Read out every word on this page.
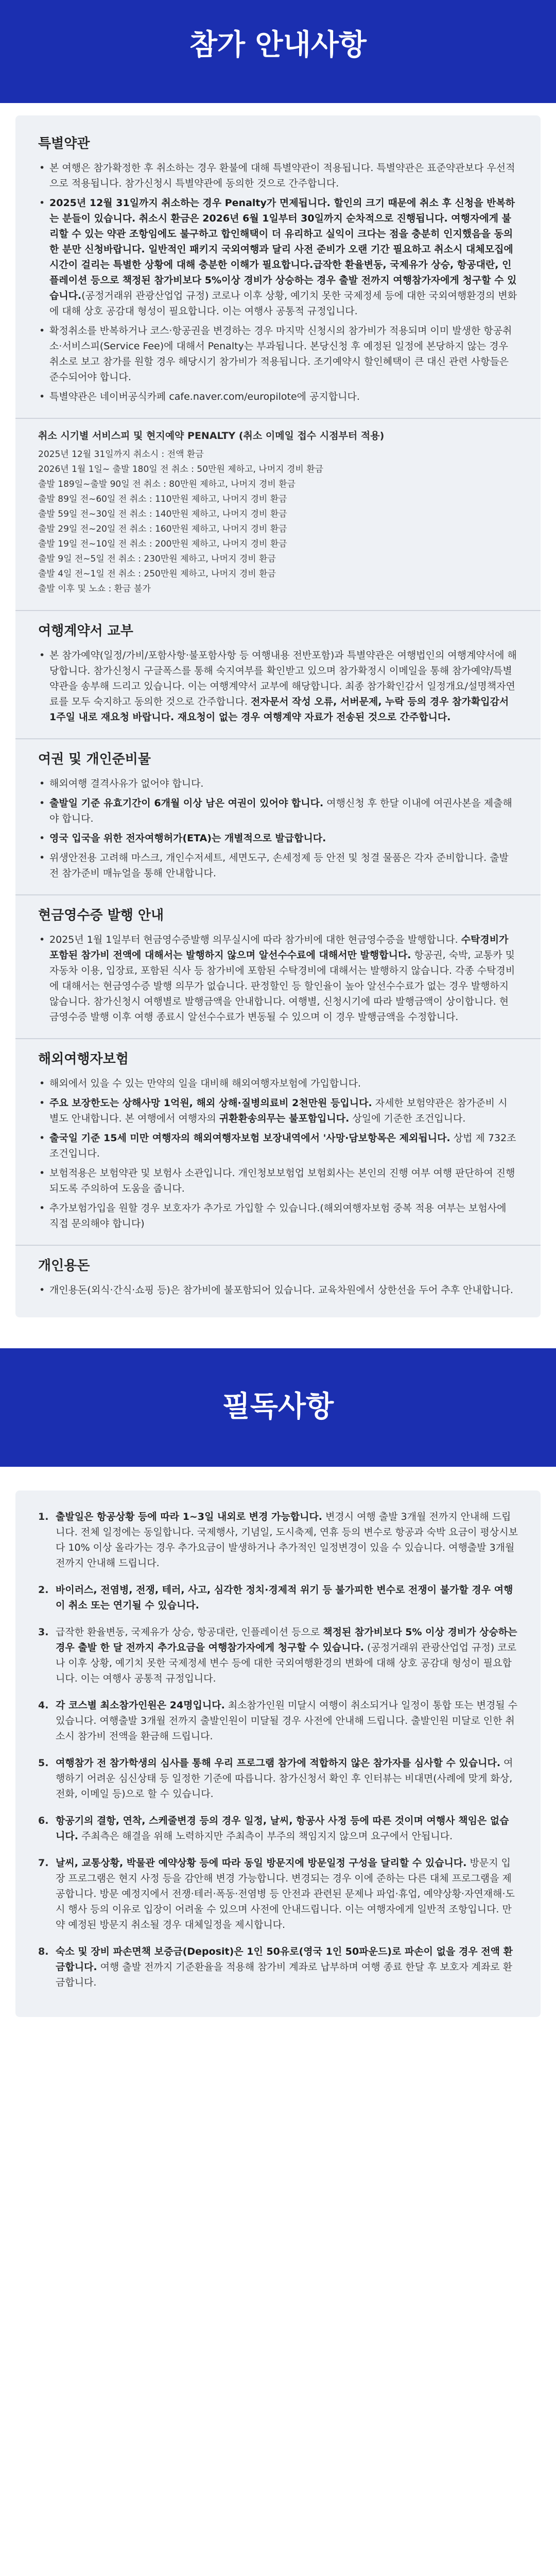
참가 안내사항
특별약관
• 본 여행은 참가확정한 후 취소하는 경우 환불에 대해 특별약관이 적용됩니다. 특별약관은 표준약관보다 우선적으로 적용됩니다. 참가신청시 특별약관에 동의한 것으로 간주합니다.
• 2025년 12월 31일까지 취소하는 경우 Penalty가 면제됩니다. 할인의 크기 때문에 취소 후 신청을 반복하는 분들이 있습니다. 취소시 환금은 2026년 6월 1일부터 30일까지 순차적으로 진행됩니다. 여행자에게 불리할 수 있는 약관 조항임에도 불구하고 합인해택이 더 유리하고 실익이 크다는 점을 충분히 인지했음을 동의한 분만 신청바랍니다. 일반적인 패키지 국외여행과 달리 사전 준비가 오랜 기간 필요하고 취소시 대체모집에 시간이 걸리는 특별한 상황에 대해 충분한 이해가 필요합니다.급작한 환율변동, 국제유가 상승, 항공대란, 인플레이션 등으로 책정된 참가비보다 5%이상 경비가 상승하는 경우 출발 전까지 여행참가자에게 청구할 수 있습니다.(공정거래위 관광산업업 규정) 코로나 이후 상황, 예기치 못한 국제정세 등에 대한 국외여행환경의 변화에 대해 상호 공감대 형성이 필요합니다. 이는 여행사 공통적 규정입니다.
• 확정취소를 반복하거나 코스·항공권을 변경하는 경우 마지막 신청시의 참가비가 적용되며 이미 발생한 항공취소·서비스피(Service Fee)에 대해서 Penalty는 부과됩니다. 본당신청 후 예정된 일정에 본당하지 않는 경우 취소로 보고 참가를 원할 경우 해당시기 참가비가 적용됩니다. 조기예약시 할인혜택이 큰 대신 관련 사항들은 준수되어야 합니다.
• 특별약관은 네이버공식카페 cafe.naver.com/europilote에 공지합니다.
취소 시기별 서비스피 및 현지예약 PENALTY (취소 이메일 접수 시점부터 적용)
2025년 12월 31일까지 취소시 : 전액 환금
2026년 1월 1일~ 출발 180일 전 취소 : 50만원 제하고, 나머지 경비 환금
출발 189일~출발 90일 전 취소 : 80만원 제하고, 나머지 경비 환금
출발 89일 전~60일 전 취소 : 110만원 제하고, 나머지 경비 환금
출발 59일 전~30일 전 취소 : 140만원 제하고, 나머지 경비 환금
출발 29일 전~20일 전 취소 : 160만원 제하고, 나머지 경비 환금
출발 19일 전~10일 전 취소 : 200만원 제하고, 나머지 경비 환금
출발 9일 전~5일 전 취소 : 230만원 제하고, 나머지 경비 환금
출발 4일 전~1일 전 취소 : 250만원 제하고, 나머지 경비 환금
출발 이후 및 노쇼 : 환금 불가
여행계약서 교부
• 본 참가예약(일정/가비/포함사항·불포함사항 등 여행내용 전반포함)과 특별약관은 여행법인의 여행계약서에 해당합니다. 참가신청시 구글폭스를 통해 숙지여부를 확인받고 있으며 참가확정시 이메일을 통해 참가예약/특별약관을 송부해 드리고 있습니다. 이는 여행계약서 교부에 해당합니다. 최종 참가확인감서 일정개요/설명책자연료를 모두 숙지하고 동의한 것으로 간주합니다. 전자문서 작성 오류, 서버문제, 누락 등의 경우 참가확입감서 1주일 내로 재요청 바랍니다. 재요청이 없는 경우 여행계약 자료가 전송된 것으로 간주합니다.
여권 및 개인준비물
• 해외여행 결격사유가 없어야 합니다.
• 출발일 기준 유효기간이 6개월 이상 남은 여권이 있어야 합니다. 여행신청 후 한달 이내에 여권사본을 제출해야 합니다.
• 영국 입국을 위한 전자여행허가(ETA)는 개별적으로 발급합니다.
• 위생안전용 고려해 마스크, 개인수저세트, 세면도구, 손세정제 등 안전 및 청결 물품은 각자 준비합니다. 출발 전 참가준비 매뉴얼을 통해 안내합니다.
현금영수증 발행 안내
• 2025년 1월 1일부터 현금영수증발행 의무실시에 따라 참가비에 대한 현금영수증을 발행합니다. 수탁경비가 포함된 참가비 전액에 대해서는 발행하지 않으며 알선수수료에 대해서만 발행합니다. 항공권, 숙박, 교통카 및 자동차 이용, 입장료, 포함된 식사 등 참가비에 포함된 수탁경비에 대해서는 발행하지 않습니다. 각종 수탁경비에 대해서는 현금영수증 발행 의무가 없습니다. 판정할인 등 할인율이 높아 알선수수료가 없는 경우 발행하지 않습니다. 참가신청시 여행별로 발행금액을 안내합니다. 여행별, 신청시기에 따라 발행금액이 상이합니다. 현금영수증 발행 이후 여행 종료시 알선수수료가 변동될 수 있으며 이 경우 발행금액을 수정합니다.
해외여행자보험
• 해외에서 있을 수 있는 만약의 일을 대비해 해외여행자보험에 가입합니다.
• 주요 보장한도는 상해사망 1억원, 해외 상해·질병의료비 2천만원 등입니다. 자세한 보험약관은 참가준비 시 별도 안내합니다. 본 여행에서 여행자의 귀환환송의무는 불포함입니다. 상일에 기준한 조건입니다.
• 출국일 기준 15세 미만 여행자의 해외여행자보험 보장내역에서 '사망·담보항목은 제외됩니다. 상법 제 732조 조건입니다.
• 보험적용은 보험약관 및 보험사 소관입니다. 개인청보보험업 보험회사는 본인의 진행 여부 여행 판단하여 진행되도록 주의하여 도움을 줍니다.
• 추가보험가입을 원할 경우 보호자가 추가로 가입할 수 있습니다.(해외여행자보험 중복 적용 여부는 보험사에 직접 문의해야 합니다)
개인용돈
• 개인용돈(외식·간식·쇼핑 등)은 참가비에 불포함되어 있습니다. 교육차원에서 상한선을 두어 추후 안내합니다.
필독사항
1. 출발일은 항공상황 등에 따라 1~3일 내외로 변경 가능합니다. 변경시 여행 출발 3개월 전까지 안내해 드립니다. 전체 일정에는 동일합니다. 국제행사, 기념일, 도시축제, 연휴 등의 변수로 항공과 숙박 요금이 평상시보다 10% 이상 올라가는 경우 추가요금이 발생하거나 추가적인 일정변경이 있을 수 있습니다. 여행출발 3개월 전까지 안내해 드립니다.
2. 바이러스, 전염병, 전쟁, 테러, 사고, 심각한 정치·경제적 위기 등 불가피한 변수로 전쟁이 불가할 경우 여행이 취소 또는 연기될 수 있습니다.
3. 급작한 환율변동, 국제유가 상승, 항공대란, 인플레이션 등으로 책정된 참가비보다 5% 이상 경비가 상승하는 경우 출발 한 달 전까지 추가요금을 여행참가자에게 청구할 수 있습니다. (공정거래위 관광산업업 규정) 코로나 이후 상황, 예기치 못한 국제정세 변수 등에 대한 국외여행환경의 변화에 대해 상호 공감대 형성이 필요합니다. 이는 여행사 공통적 규정입니다.
4. 각 코스별 최소참가인원은 24명입니다. 최소참가인원 미달시 여행이 취소되거나 일정이 통합 또는 변경될 수 있습니다. 여행출발 3개월 전까지 출발인원이 미달될 경우 사전에 안내해 드립니다. 출발인원 미달로 인한 취소시 참가비 전액을 환금해 드립니다.
5. 여행참가 전 참가학생의 심사를 통해 우리 프로그램 참가에 적합하지 않은 참가자를 심사할 수 있습니다. 여행하기 어려운 심신상태 등 일정한 기준에 따릅니다. 참가신청서 확인 후 인터뷰는 비대면(사례에 맞게 화상, 전화, 이메일 등)으로 할 수 있습니다.
6. 항공기의 결항, 연착, 스케줄변경 등의 경우 일정, 날씨, 항공사 사정 등에 따른 것이며 여행사 책임은 없습니다. 주최측은 해결을 위해 노력하지만 주최측이 부주의 책임지지 않으며 요구에서 안됩니다.
7. 날씨, 교통상황, 박물관 예약상황 등에 따라 동일 방문지에 방문일정 구성을 달리할 수 있습니다. 방문지 입장 프로그램은 현지 사정 등을 감안해 변경 가능합니다. 변경되는 경우 이에 준하는 다른 대체 프로그램을 제공합니다. 방문 예정지에서 전쟁·테러·폭동·전염병 등 안전과 관련된 문제나 파업·휴업, 예약상황·자연재해·도시 행사 등의 이유로 입장이 어려울 수 있으며 사전에 안내드립니다. 이는 여행자에게 일반적 조항입니다. 만약 예정된 방문지 취소될 경우 대체일정을 제시합니다.
8. 숙소 및 장비 파손면책 보증금(Deposit)은 1인 50유로(영국 1인 50파운드)로 파손이 없을 경우 전액 환금합니다. 여행 출발 전까지 기준환율을 적용해 참가비 계좌로 납부하며 여행 종료 한달 후 보호자 계좌로 환금합니다.
